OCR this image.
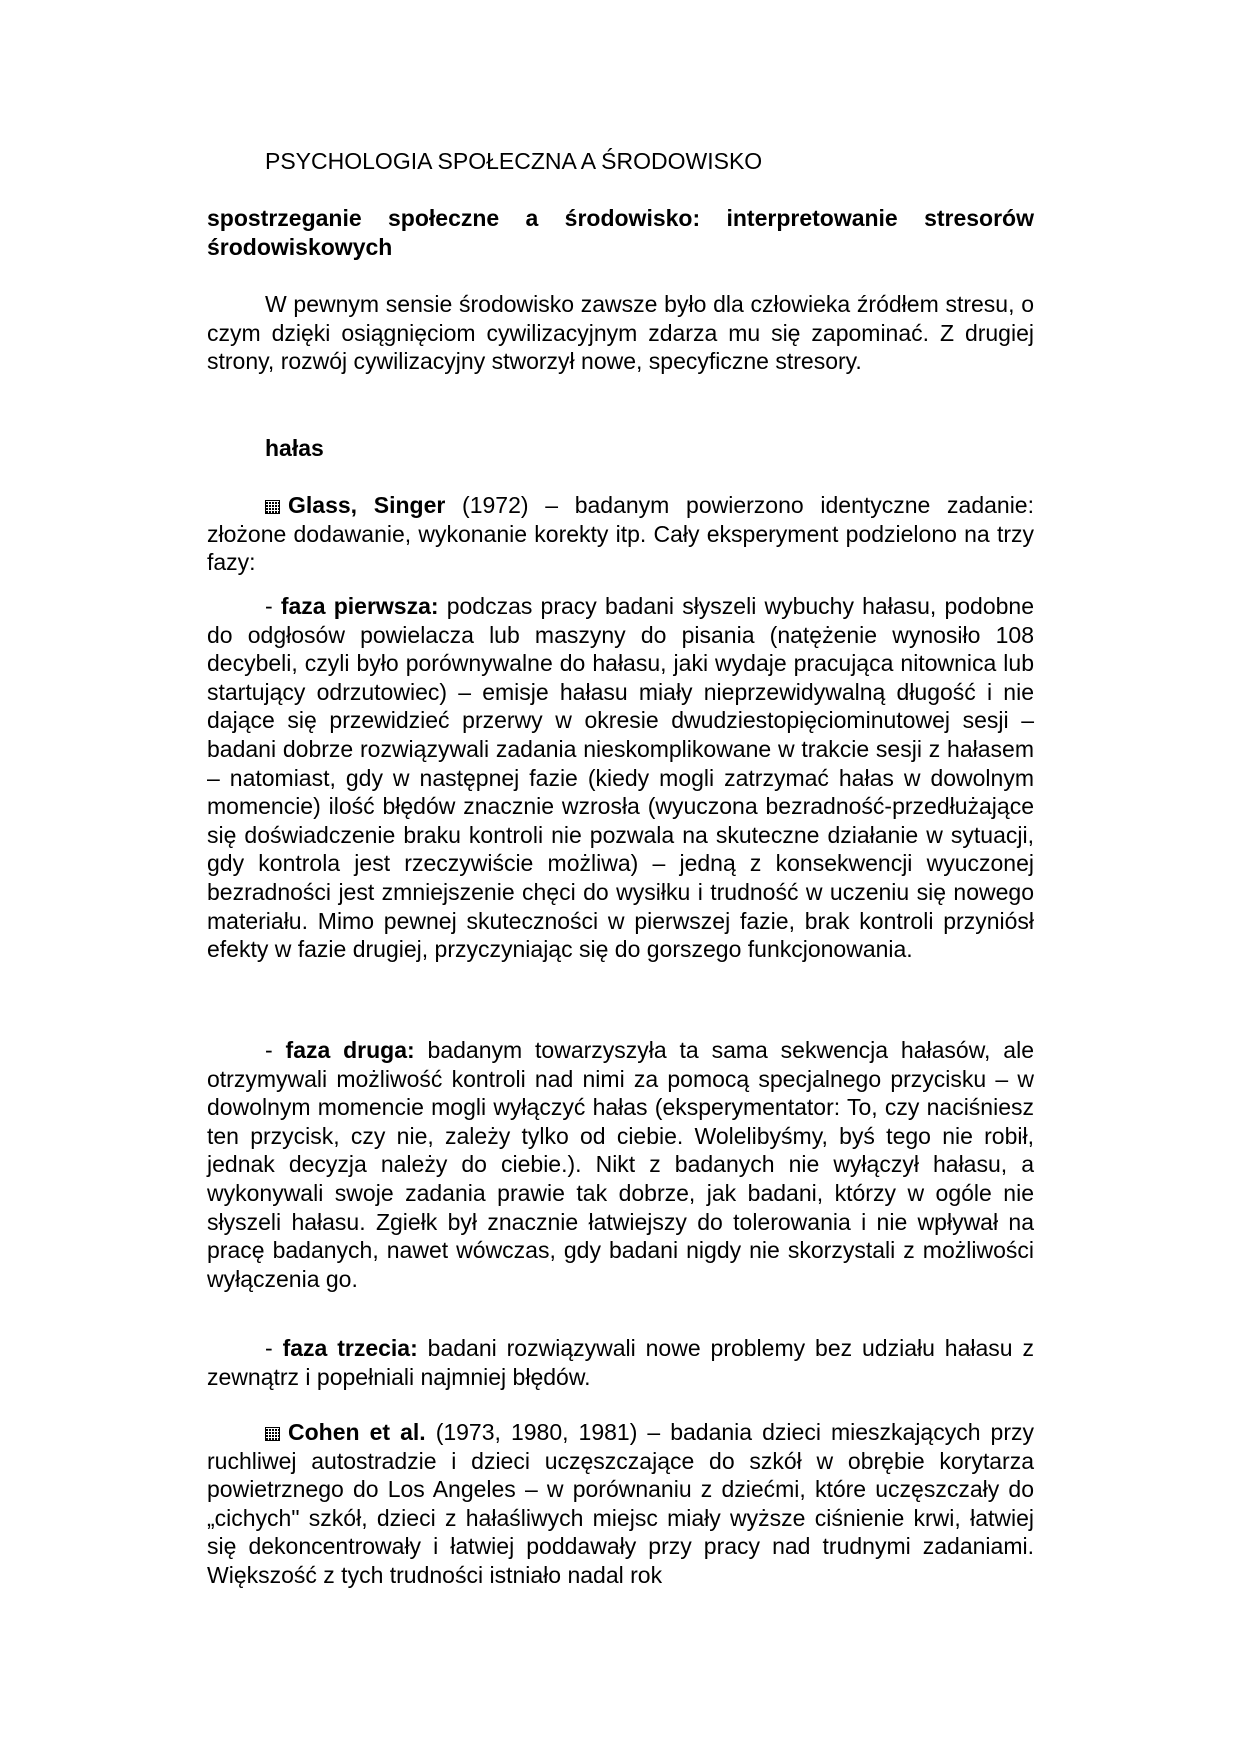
PSYCHOLOGIA SPOŁECZNA A ŚRODOWISKO

spostrzeganie społeczne a środowisko: interpretowanie stresorów środowiskowych

W pewnym sensie środowisko zawsze było dla człowieka źródłem stresu, o czym dzięki osiągnięciom cywilizacyjnym zdarza mu się zapominać. Z drugiej strony, rozwój cywilizacyjny stworzył nowe, specyficzne stresory.

hałas

Glass, Singer (1972) – badanym powierzono identyczne zadanie: złożone dodawanie, wykonanie korekty itp. Cały eksperyment podzielono na trzy fazy:

- faza pierwsza: podczas pracy badani słyszeli wybuchy hałasu, podobne do odgłosów powielacza lub maszyny do pisania (natężenie wynosiło 108 decybeli, czyli było porównywalne do hałasu, jaki wydaje pracująca nitownica lub startujący odrzutowiec) – emisje hałasu miały nieprzewidywalną długość i nie dające się przewidzieć przerwy w okresie dwudziestopięciominutowej sesji – badani dobrze rozwiązywali zadania nieskomplikowane w trakcie sesji z hałasem – natomiast, gdy w następnej fazie (kiedy mogli zatrzymać hałas w dowolnym momencie) ilość błędów znacznie wzrosła (wyuczona bezradność-przedłużające się doświadczenie braku kontroli nie pozwala na skuteczne działanie w sytuacji, gdy kontrola jest rzeczywiście możliwa) – jedną z konsekwencji wyuczonej bezradności jest zmniejszenie chęci do wysiłku i trudność w uczeniu się nowego materiału. Mimo pewnej skuteczności w pierwszej fazie, brak kontroli przyniósł efekty w fazie drugiej, przyczyniając się do gorszego funkcjonowania.

- faza druga: badanym towarzyszyła ta sama sekwencja hałasów, ale otrzymywali możliwość kontroli nad nimi za pomocą specjalnego przycisku – w dowolnym momencie mogli wyłączyć hałas (eksperymentator: To, czy naciśniesz ten przycisk, czy nie, zależy tylko od ciebie. Wolelibyśmy, byś tego nie robił, jednak decyzja należy do ciebie.). Nikt z badanych nie wyłączył hałasu, a wykonywali swoje zadania prawie tak dobrze, jak badani, którzy w ogóle nie słyszeli hałasu. Zgiełk był znacznie łatwiejszy do tolerowania i nie wpływał na pracę badanych, nawet wówczas, gdy badani nigdy nie skorzystali z możliwości wyłączenia go.

- faza trzecia: badani rozwiązywali nowe problemy bez udziału hałasu z zewnątrz i popełniali najmniej błędów.

Cohen et al. (1973, 1980, 1981) – badania dzieci mieszkających przy ruchliwej autostradzie i dzieci uczęszczające do szkół w obrębie korytarza powietrznego do Los Angeles – w porównaniu z dziećmi, które uczęszczały do „cichych" szkół, dzieci z hałaśliwych miejsc miały wyższe ciśnienie krwi, łatwiej się dekoncentrowały i łatwiej poddawały przy pracy nad trudnymi zadaniami. Większość z tych trudności istniało nadal rok
